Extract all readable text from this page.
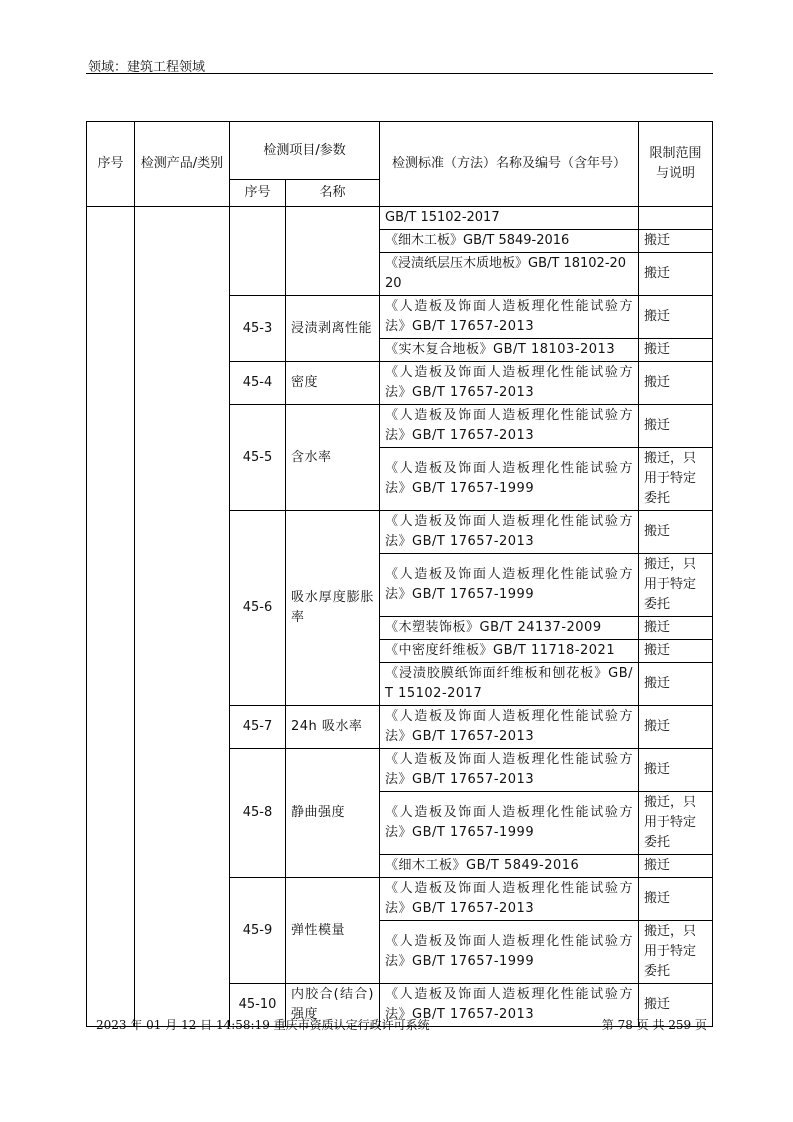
领域：建筑工程领域
序号	检测产品/类别	检测项目/参数		检测标准（方法）名称及编号（含年号）	限制范围与说明
		序号	名称		
				GB/T 15102-2017	
				《细木工板》GB/T 5849-2016	搬迁
				《浸渍纸层压木质地板》GB/T 18102-2020	搬迁
		45-3	浸渍剥离性能	《人造板及饰面人造板理化性能试验方法》GB/T 17657-2013	搬迁
				《实木复合地板》GB/T 18103-2013	搬迁
		45-4	密度	《人造板及饰面人造板理化性能试验方法》GB/T 17657-2013	搬迁
		45-5	含水率	《人造板及饰面人造板理化性能试验方法》GB/T 17657-2013	搬迁
				《人造板及饰面人造板理化性能试验方法》GB/T 17657-1999	搬迁，只用于特定委托
		45-6	吸水厚度膨胀率	《人造板及饰面人造板理化性能试验方法》GB/T 17657-2013	搬迁
				《人造板及饰面人造板理化性能试验方法》GB/T 17657-1999	搬迁，只用于特定委托
				《木塑装饰板》GB/T 24137-2009	搬迁
				《中密度纤维板》GB/T 11718-2021	搬迁
				《浸渍胶膜纸饰面纤维板和刨花板》GB/T 15102-2017	搬迁
		45-7	24h 吸水率	《人造板及饰面人造板理化性能试验方法》GB/T 17657-2013	搬迁
		45-8	静曲强度	《人造板及饰面人造板理化性能试验方法》GB/T 17657-2013	搬迁
				《人造板及饰面人造板理化性能试验方法》GB/T 17657-1999	搬迁，只用于特定委托
				《细木工板》GB/T 5849-2016	搬迁
		45-9	弹性模量	《人造板及饰面人造板理化性能试验方法》GB/T 17657-2013	搬迁
				《人造板及饰面人造板理化性能试验方法》GB/T 17657-1999	搬迁，只用于特定委托
		45-10	内胶合(结合)强度	《人造板及饰面人造板理化性能试验方法》GB/T 17657-2013	搬迁
2023 年 01 月 12 日 14:58:19 重庆市资质认定行政许可系统	第 78 页 共 259 页
